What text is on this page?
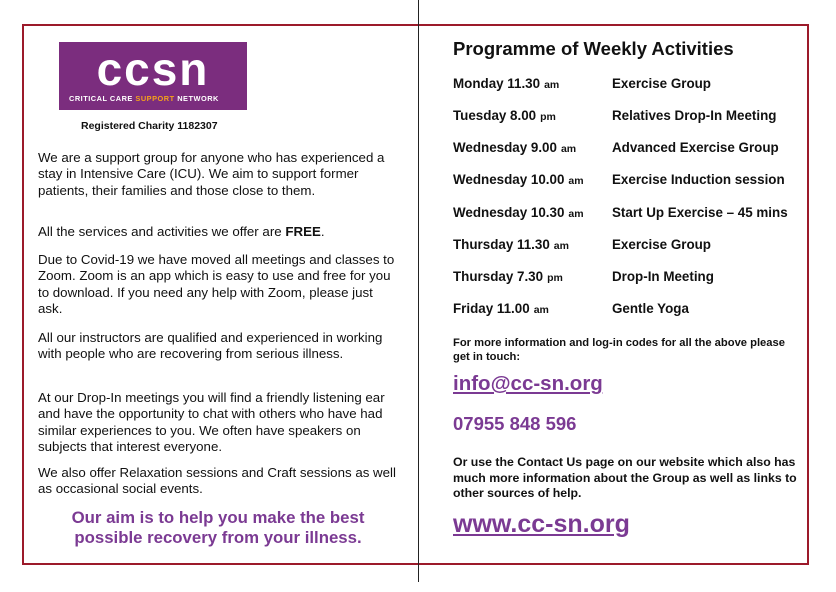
ccsn
CRITICAL CARE SUPPORT NETWORK
Registered Charity 1182307
We are a support group for anyone who has experienced a stay in Intensive Care (ICU). We aim to support former patients, their families and those close to them.
All the services and activities we offer are FREE.
Due to Covid-19 we have moved all meetings and classes to Zoom. Zoom is an app which is easy to use and free for you to download. If you need any help with Zoom, please just ask.
All our instructors are qualified and experienced in working with people who are recovering from serious illness.
At our Drop-In meetings you will find a friendly listening ear and have the opportunity to chat with others who have had similar experiences to you. We often have speakers on subjects that interest everyone.
We also offer Relaxation sessions and Craft sessions as well as occasional social events.
Our aim is to help you make the best possible recovery from your illness.
Programme of Weekly Activities
Monday 11.30 am	Exercise Group
Tuesday 8.00 pm	Relatives Drop-In Meeting
Wednesday 9.00 am	Advanced Exercise Group
Wednesday 10.00 am Exercise Induction session
Wednesday 10.30 am Start Up Exercise – 45 mins
Thursday 11.30 am	Exercise Group
Thursday 7.30 pm	Drop-In Meeting
Friday 11.00 am	Gentle Yoga
For more information and log-in codes for all the above please get in touch:
info@cc-sn.org
07955 848 596
Or use the Contact Us page on our website which also has much more information about the Group as well as links to other sources of help.
www.cc-sn.org
